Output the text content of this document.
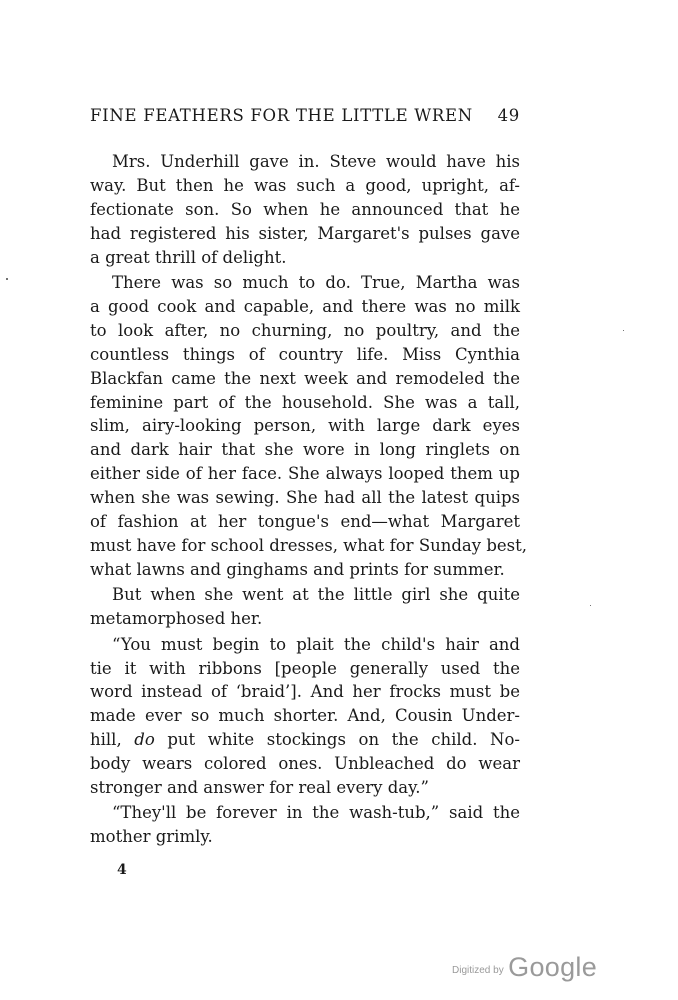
FINE FEATHERS FOR THE LITTLE WREN 49
Mrs. Underhill gave in. Steve would have his
way. But then he was such a good, upright, af-
fectionate son. So when he announced that he
had registered his sister, Margaret's pulses gave
a great thrill of delight.
There was so much to do. True, Martha was
a good cook and capable, and there was no milk
to look after, no churning, no poultry, and the
countless things of country life. Miss Cynthia
Blackfan came the next week and remodeled the
feminine part of the household. She was a tall,
slim, airy-looking person, with large dark eyes
and dark hair that she wore in long ringlets on
either side of her face. She always looped them up
when she was sewing. She had all the latest quips
of fashion at her tongue's end—what Margaret
must have for school dresses, what for Sunday best,
what lawns and ginghams and prints for summer.
But when she went at the little girl she quite
metamorphosed her.
“You must begin to plait the child's hair and
tie it with ribbons [people generally used the
word instead of ‘braid’]. And her frocks must be
made ever so much shorter. And, Cousin Under-
hill, do put white stockings on the child. No-
body wears colored ones. Unbleached do wear
stronger and answer for real every day.”
“They'll be forever in the wash-tub,” said the
mother grimly.
4
Digitized by Google
